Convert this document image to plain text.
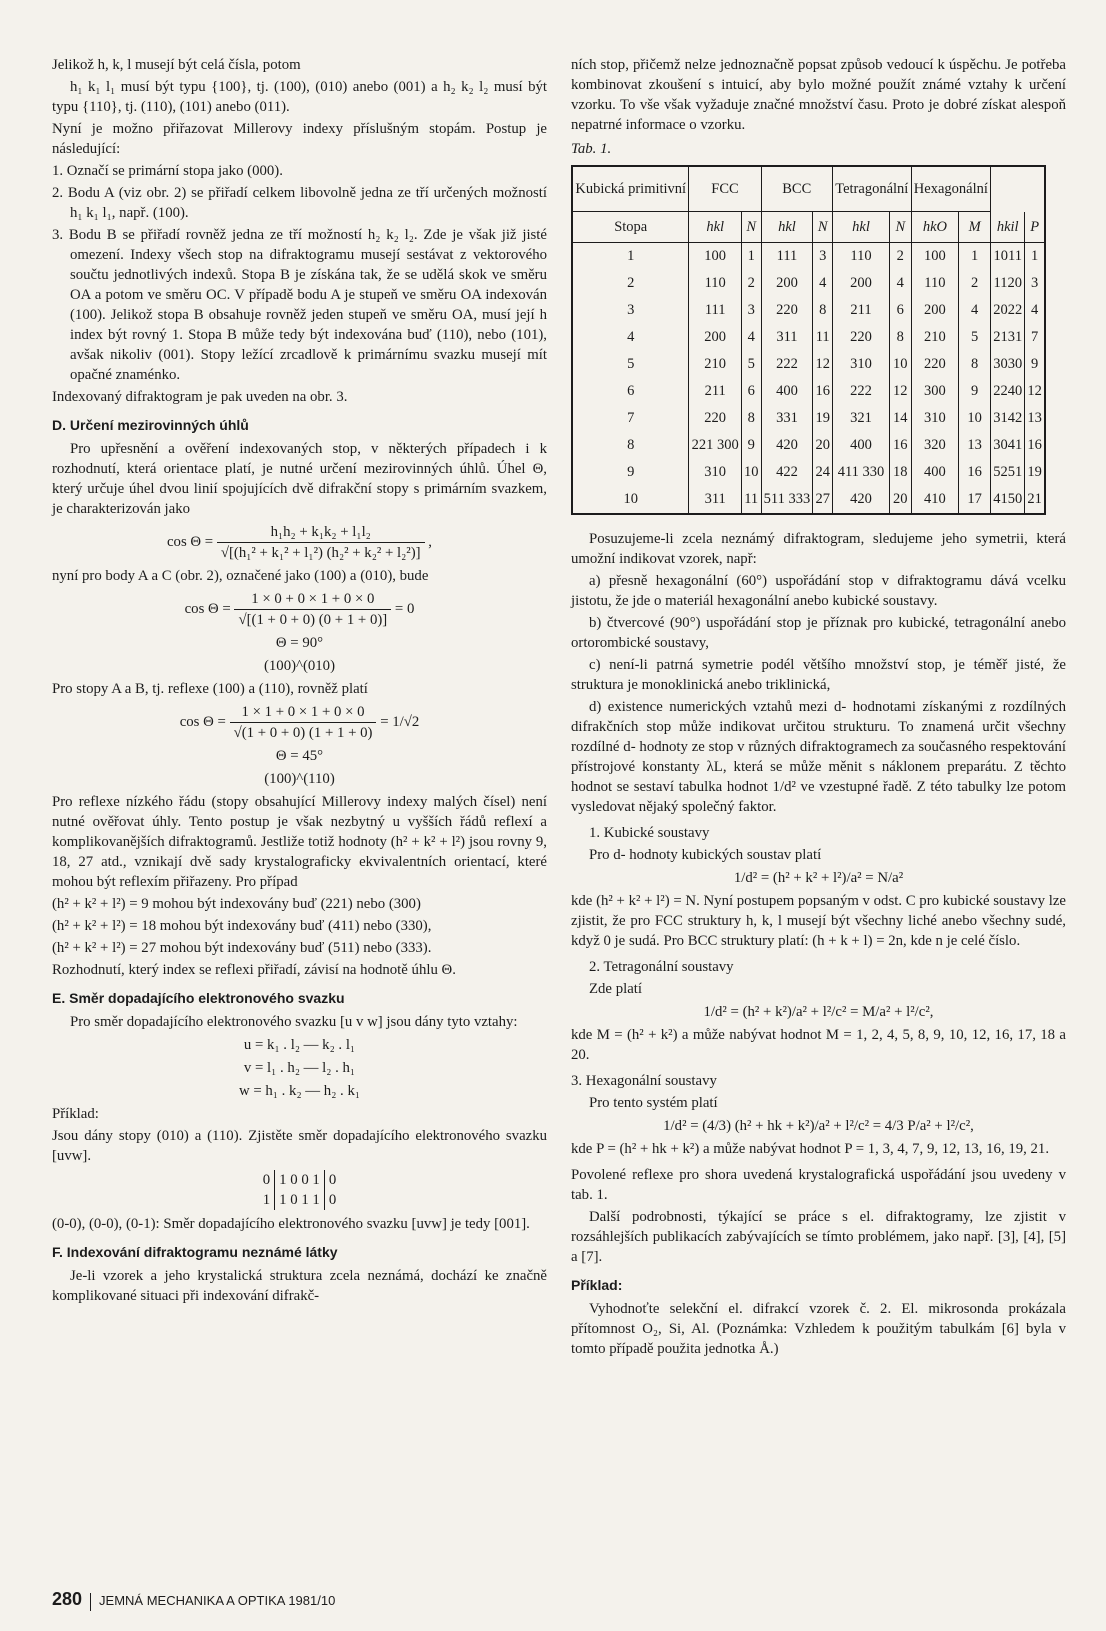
Jelikož h, k, l musejí být celá čísla, potom

h₁ k₁ l₁ musí být typu {100}, tj. (100), (010) anebo (001) a h₂ k₂ l₂ musí být typu {110}, tj. (110), (101) anebo (011).

Nyní je možno přiřazovat Millerovy indexy příslušným stopám. Postup je následující:

1. Označí se primární stopa jako (000).

2. Bodu A (viz obr. 2) se přiřadí celkem libovolně jedna ze tří určených možností h₁ k₁ l₁, např. (100).

3. Bodu B se přiřadí rovněž jedna ze tří možností h₂ k₂ l₂. Zde je však již jisté omezení. Indexy všech stop na difraktogramu musejí sestávat z vektorového součtu jednotlivých indexů. Stopa B je získána tak, že se udělá skok ve směru OA a potom ve směru OC. V případě bodu A je stupeň ve směru OA indexován (100). Jelikož stopa B obsahuje rovněž jeden stupeň ve směru OA, musí její h index být rovný 1. Stopa B může tedy být indexována buď (110), nebo (101), avšak nikoliv (001). Stopy ležící zrcadlově k primárnímu svazku musejí mít opačné znaménko.

Indexovaný difraktogram je pak uveden na obr. 3.

D. Určení mezirovinných úhlů

Pro upřesnění a ověření indexovaných stop, v některých případech i k rozhodnutí, která orientace platí, je nutné určení mezirovinných úhlů. Úhel Θ, který určuje úhel dvou linií spojujících dvě difrakční stopy s primárním svazkem, je charakterizován jako

$\cos \Theta = \frac{\text{h₁h₂ + k₁k₂ + l₁l₂}}{\text{√[(h₁² + k₁² + l₁²) (h₂² + k₂² + l₂²)]}}$ ,

nyní pro body A a C (obr. 2), označené jako (100) a (010), bude

$\cos \Theta = \frac{1 \times 0 + 0 \times 1 + 0 \times 0}{√[(1 + 0 + 0) (0 + 1 + 0)]} = 0$
Θ = 90°
(100)^(010)

Pro stopy A a B, tj. reflexe (100) a (110), rovněž platí

$\cos \Theta = \frac{1 \times 1 + 0 \times 1 + 0 \times 0}{√(1 + 0 + 0) (1 + 1 + 0)} = 1/√2$
Θ = 45°
(100)^(110)

Pro reflexe nízkého řádu (stopy obsahující Millerovy indexy malých čísel) není nutné ověřovat úhly. Tento postup je však nezbytný u vyšších řádů reflexí a komplikovanějších difraktogramů. Jestliže totiž hodnoty (h² + k² + l²) jsou rovny 9, 18, 27 atd., vznikají dvě sady krystalograficky ekvivalentních orientací, které mohou být reflexím přiřazeny. Pro případ

(h² + k² + l²) = 9 mohou být indexovány buď (221) nebo (300)

(h² + k² + l²) = 18 mohou být indexovány buď (411) nebo (330),

(h² + k² + l²) = 27 mohou být indexovány buď (511) nebo (333).

Rozhodnutí, který index se reflexi přiřadí, závisí na hodnotě úhlu Θ.

E. Směr dopadajícího elektronového svazku

Pro směr dopadajícího elektronového svazku [u v w] jsou dány tyto vztahy:

u = k₁ . l₂ — k₂ . l₁
v = l₁ . h₂ — l₂ . h₁
w = h₁ . k₂ — h₂ . k₁

Příklad:

Jsou dány stopy (010) a (110). Zjistěte směr dopadajícího elektronového svazku [uvw].

0	1 0 0 1	0
1	1 0 1 1	0

(0-0), (0-0), (0-1): Směr dopadajícího elektronového svazku [uvw] je tedy [001].

F. Indexování difraktogramu neznámé látky

Je-li vzorek a jeho krystalická struktura zcela neznámá, dochází ke značně komplikované situaci při indexování difrakč-

ních stop, přičemž nelze jednoznačně popsat způsob vedoucí k úspěchu. Je potřeba kombinovat zkoušení s intuicí, aby bylo možné použít známé vztahy k určení vzorku. To vše však vyžaduje značné množství času. Proto je dobré získat alespoň nepatrné informace o vzorku.

Tab. 1.
Kubická primitivní	FCC		BCC		Tetragonální		Hexagonální			
Stopa	hkl	N	hkl	N	hkl	N	hkO	M	hkil	P
1	100	1	111	3	110	2	100	1	1011	1
2	110	2	200	4	200	4	110	2	1120	3
3	111	3	220	8	211	6	200	4	2022	4
4	200	4	311	11	220	8	210	5	2131	7
5	210	5	222	12	310	10	220	8	3030	9
6	211	6	400	16	222	12	300	9	2240	12
7	220	8	331	19	321	14	310	10	3142	13
8	221 300	9	420	20	400	16	320	13	3041	16
9	310	10	422	24	411 330	18	400	16	5251	19
10	311	11	511 333	27	420	20	410	17	4150	21

Posuzujeme-li zcela neznámý difraktogram, sledujeme jeho symetrii, která umožní indikovat vzorek, např:

a) přesně hexagonální (60°) uspořádání stop v difraktogramu dává vcelku jistotu, že jde o materiál hexagonální anebo kubické soustavy.

b) čtvercové (90°) uspořádání stop je příznak pro kubické, tetragonální anebo ortorombické soustavy,

c) není-li patrná symetrie podél většího množství stop, je téměř jisté, že struktura je monoklinická anebo triklinická,

d) existence numerických vztahů mezi d- hodnotami získanými z rozdílných difrakčních stop může indikovat určitou strukturu. To znamená určit všechny rozdílné d- hodnoty ze stop v různých difraktogramech za současného respektování přístrojové konstanty λL, která se může měnit s náklonem preparátu. Z těchto hodnot se sestaví tabulka hodnot 1/d² ve vzestupné řadě. Z této tabulky lze potom vysledovat nějaký společný faktor.

1. Kubické soustavy

Pro d- hodnoty kubických soustav platí

1/d² = (h² + k² + l²)/a² = N/a²

kde (h² + k² + l²) = N. Nyní postupem popsaným v odst. C pro kubické soustavy lze zjistit, že pro FCC struktury h, k, l musejí být všechny liché anebo všechny sudé, když 0 je sudá. Pro BCC struktury platí: (h + k + l) = 2n, kde n je celé číslo.

2. Tetragonální soustavy

Zde platí

1/d² = (h² + k²)/a² + l²/c² = M/a² + l²/c²,

kde M = (h² + k²) a může nabývat hodnot M = 1, 2, 4, 5, 8, 9, 10, 12, 16, 17, 18 a 20.

3. Hexagonální soustavy

Pro tento systém platí

1/d² = (4/3) (h² + hk + k²)/a² + l²/c² = 4/3 P/a² + l²/c²,

kde P = (h² + hk + k²) a může nabývat hodnot P = 1, 3, 4, 7, 9, 12, 13, 16, 19, 21.

Povolené reflexe pro shora uvedená krystalografická uspořádání jsou uvedeny v tab. 1.

Další podrobnosti, týkající se práce s el. difraktogramy, lze zjistit v rozsáhlejších publikacích zabývajících se tímto problémem, jako např. [3], [4], [5] a [7].

Příklad:

Vyhodnoťte selekční el. difrakcí vzorek č. 2. El. mikrosonda prokázala přítomnost O₂, Si, Al. (Poznámka: Vzhledem k použitým tabulkám [6] byla v tomto případě použita jednotka Å.)

280 JEMNÁ MECHANIKA A OPTIKA 1981/10
